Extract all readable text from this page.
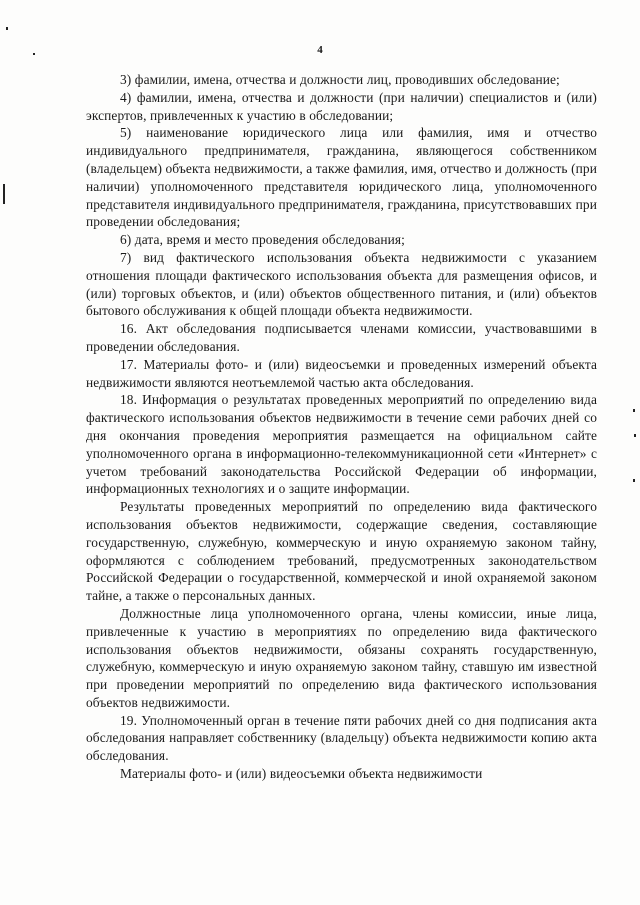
4

3) фамилии, имена, отчества и должности лиц, проводивших обследование;

4) фамилии, имена, отчества и должности (при наличии) специалистов и (или) экспертов, привлеченных к участию в обследовании;

5) наименование юридического лица или фамилия, имя и отчество индивидуального предпринимателя, гражданина, являющегося собственником (владельцем) объекта недвижимости, а также фамилия, имя, отчество и должность (при наличии) уполномоченного представителя юридического лица, уполномоченного представителя индивидуального предпринимателя, гражданина, присутствовавших при проведении обследования;

6) дата, время и место проведения обследования;

7) вид фактического использования объекта недвижимости с указанием отношения площади фактического использования объекта для размещения офисов, и (или) торговых объектов, и (или) объектов общественного питания, и (или) объектов бытового обслуживания к общей площади объекта недвижимости.

16. Акт обследования подписывается членами комиссии, участвовавшими в проведении обследования.

17. Материалы фото- и (или) видеосъемки и проведенных измерений объекта недвижимости являются неотъемлемой частью акта обследования.

18. Информация о результатах проведенных мероприятий по определению вида фактического использования объектов недвижимости в течение семи рабочих дней со дня окончания проведения мероприятия размещается на официальном сайте уполномоченного органа в информационно-телекоммуникационной сети «Интернет» с учетом требований законодательства Российской Федерации об информации, информационных технологиях и о защите информации.

Результаты проведенных мероприятий по определению вида фактического использования объектов недвижимости, содержащие сведения, составляющие государственную, служебную, коммерческую и иную охраняемую законом тайну, оформляются с соблюдением требований, предусмотренных законодательством Российской Федерации о государственной, коммерческой и иной охраняемой законом тайне, а также о персональных данных.

Должностные лица уполномоченного органа, члены комиссии, иные лица, привлеченные к участию в мероприятиях по определению вида фактического использования объектов недвижимости, обязаны сохранять государственную, служебную, коммерческую и иную охраняемую законом тайну, ставшую им известной при проведении мероприятий по определению вида фактического использования объектов недвижимости.

19. Уполномоченный орган в течение пяти рабочих дней со дня подписания акта обследования направляет собственнику (владельцу) объекта недвижимости копию акта обследования.

Материалы фото- и (или) видеосъемки объекта недвижимости
